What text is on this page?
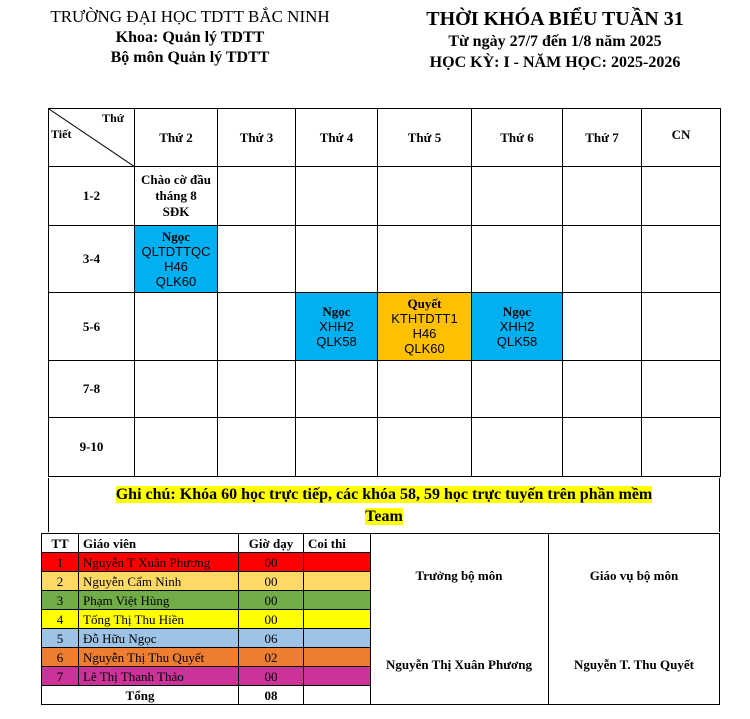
TRƯỜNG ĐẠI HỌC TDTT BẮC NINH
Khoa: Quản lý TDTT
Bộ môn Quản lý TDTT
THỜI KHÓA BIỂU TUẦN 31
Từ ngày 27/7 đến 1/8 năm 2025
HỌC KỲ: I - NĂM HỌC: 2025-2026
Thứ
Tiết	Thứ 2	Thứ 3	Thứ 4	Thứ 5	Thứ 6	Thứ 7	CN
1-2	Chào cờ đầu
tháng 8
SĐK						

3-4	Ngọc
QLTDTTQC
H46
QLK60						

5-6			Ngọc
XHH2
QLK58	Quyết
KTHTDTT1
H46
QLK60	Ngọc
XHH2
QLK58		

7-8							
9-10							
Ghi chú: Khóa 60 học trực tiếp, các khóa 58, 59 học trực tuyến trên phần mềm
Team
TT	Giáo viên	Giờ dạy	Coi thi
1	Nguyễn T Xuân Phương	00	
2	Nguyễn Cẩm Ninh	00	
3	Phạm Việt Hùng	00	
4	Tống Thị Thu Hiền	00	
5	Đỗ Hữu Ngọc	06	
6	Nguyễn Thị Thu Quyết	02	
7	Lê Thị Thanh Thảo	00	
Tổng		08	
Trưởng bộ môn	Giáo vụ bộ môn
Nguyễn Thị Xuân Phương	Nguyễn T. Thu Quyết
